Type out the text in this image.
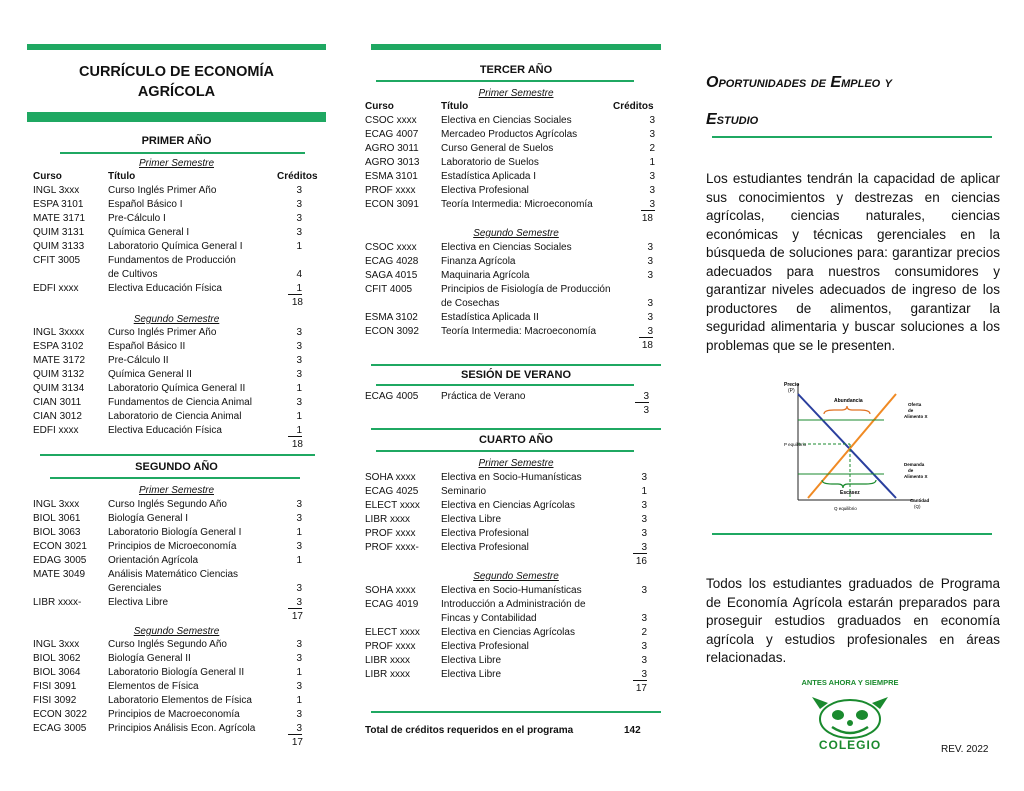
CURRÍCULO DE ECONOMÍA
AGRÍCOLA
PRIMER AÑO
Primer Semestre
Curso	Título	Créditos
INGL 3xxx	Curso Inglés Primer Año	3
ESPA 3101 Español Básico I	3
MATE 3171 Pre-Cálculo I	3
QUIM 3131 Química General I	3
QUIM 3133 Laboratorio Química General I	1
CFIT 3005	Fundamentos de Producción
de Cultivos	4
EDFI xxxx	Electiva Educación Física	1
18
Segundo Semestre
INGL 3xxxx Curso Inglés Primer Año	3
ESPA 3102 Español Básico II	3
MATE 3172 Pre-Cálculo II	3
QUIM 3132 Química General II	3
QUIM 3134 Laboratorio Química General II	1
CIAN 3011	Fundamentos de Ciencia Animal	3
CIAN 3012	Laboratorio de Ciencia Animal	1
EDFI xxxx	Electiva Educación Física	1
18
SEGUNDO AÑO
Primer Semestre
INGL 3xxx	Curso Inglés Segundo Año	3
BIOL 3061	Biología General I	3
BIOL 3063	Laboratorio Biología General I	1
ECON 3021 Principios de Microeconomía	3
EDAG 3005 Orientación Agrícola	1
MATE 3049 Análisis Matemático Ciencias
Gerenciales	3
LIBR xxxx-	Electiva Libre	3
17
Segundo Semestre
INGL 3xxx	Curso Inglés Segundo Año	3
BIOL 3062	Biología General II	3
BIOL 3064	Laboratorio Biología General II	1
FISI 3091	Elementos de Física	3
FISI 3092	Laboratorio Elementos de Física	1
ECON 3022 Principios de Macroeconomía	3
ECAG 3005 Principios Análisis Econ. Agrícola	3
17
TERCER AÑO
Primer Semestre
Curso	Título	Créditos
CSOC xxxx Electiva en Ciencias Sociales	3
ECAG 4007 Mercadeo Productos Agrícolas	3
AGRO 3011 Curso General de Suelos	2
AGRO 3013 Laboratorio de Suelos	1
ESMA 3101 Estadística Aplicada I	3
PROF xxxx	Electiva Profesional	3
ECON 3091 Teoría Intermedia: Microeconomía	3
18
Segundo Semestre
CSOC xxxx Electiva en Ciencias Sociales	3
ECAG 4028 Finanza Agrícola	3
SAGA 4015 Maquinaria Agrícola	3
CFIT 4005	Principios de Fisiología de Producción
de Cosechas	3
ESMA 3102 Estadística Aplicada II	3
ECON 3092 Teoría Intermedia: Macroeconomía	3
18
SESIÓN DE VERANO
ECAG 4005 Práctica de Verano	3
3
CUARTO AÑO
Primer Semestre
SOHA xxxx	Electiva en Socio-Humanísticas	3
ECAG 4025 Seminario	1
ELECT xxxx Electiva en Ciencias Agrícolas	3
LIBR xxxx	Electiva Libre	3
PROF xxxx	Electiva Profesional	3
PROF xxxx- Electiva Profesional	3
16
Segundo Semestre
SOHA xxxx	Electiva en Socio-Humanísticas	3
ECAG 4019 Introducción a Administración de
Fincas y Contabilidad	3
ELECT xxxx Electiva en Ciencias Agrícolas	2
PROF xxxx	Electiva Profesional	3
LIBR xxxx	Electiva Libre	3
LIBR xxxx	Electiva Libre	3
17
Total de créditos requeridos en el programa	142
Oportunidades de Empleo y
Estudio
Los estudiantes tendrán la capacidad de aplicar sus conocimientos y destrezas en ciencias agrícolas, ciencias naturales, ciencias económicas y técnicas gerenciales en la búsqueda de soluciones para: garantizar precios adecuados para nuestros consumidores y garantizar niveles adecuados de ingreso de los productores de alimentos, garantizar la seguridad alimentaria y buscar soluciones a los problemas que se le presenten.
Precio
(P)
Abundancia
Oferta
de
Alimento X
P equilibrio
Demanda
de
Alimento X
Escasez
Q equilibrio
Cantidad
(Q)
Todos los estudiantes graduados de Programa de Economía Agrícola estarán preparados para proseguir estudios graduados en economía agrícola y estudios profesionales en áreas relacionadas.
ANTES AHORA Y SIEMPRE
COLEGIO	REV. 2022
